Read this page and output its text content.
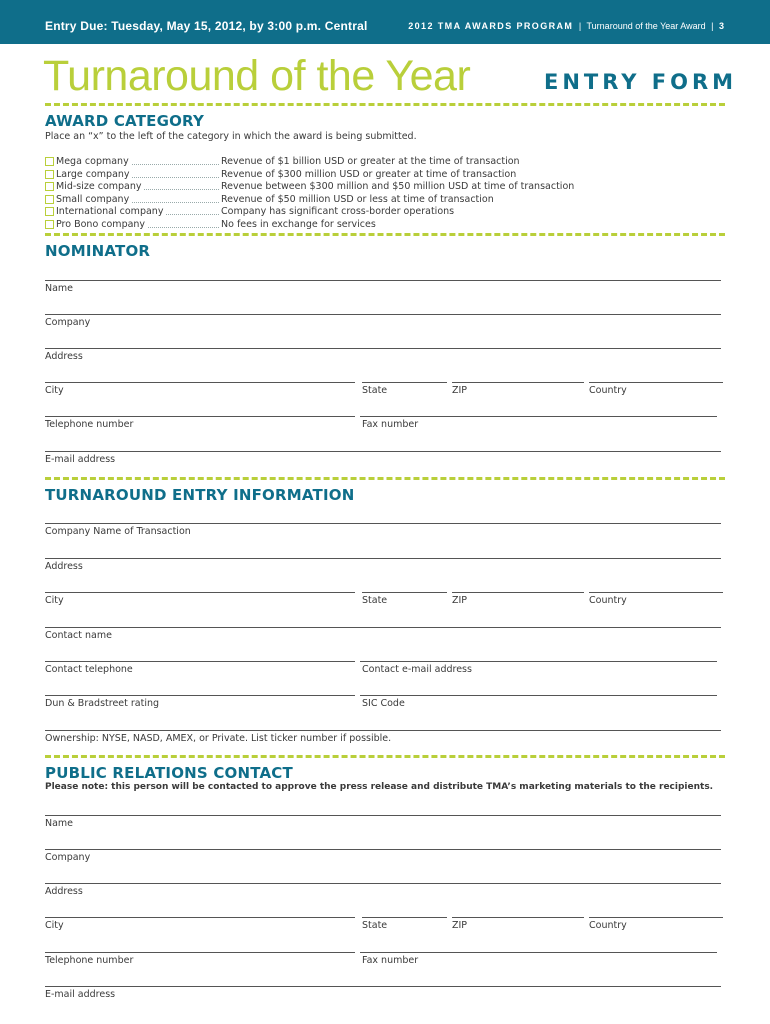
Entry Due: Tuesday, May 15, 2012, by 3:00 p.m. Central	2012 TMA AWARDS PROGRAM | Turnaround of the Year Award | 3
Turnaround of the Year	ENTRY FORM
AWARD CATEGORY
Place an “x” to the left of the category in which the award is being submitted.
Mega copmany	Revenue of $1 billion USD or greater at the time of transaction
Large company	Revenue of $300 million USD or greater at time of transaction
Mid-size company	Revenue between $300 million and $50 million USD at time of transaction
Small company	Revenue of $50 million USD or less at time of transaction
International company	Company has significant cross-border operations
Pro Bono company	No fees in exchange for services
NOMINATOR
Name
Company
Address
City	State	ZIP	Country
Telephone number	Fax number
E-mail address
TURNAROUND ENTRY INFORMATION
Company Name of Transaction
Address
City	State	ZIP	Country
Contact name
Contact telephone	Contact e-mail address
Dun & Bradstreet rating	SIC Code
Ownership: NYSE, NASD, AMEX, or Private. List ticker number if possible.
PUBLIC RELATIONS CONTACT
Please note: this person will be contacted to approve the press release and distribute TMA’s marketing materials to the recipients.
Name
Company
Address
City	State	ZIP	Country
Telephone number	Fax number
E-mail address
